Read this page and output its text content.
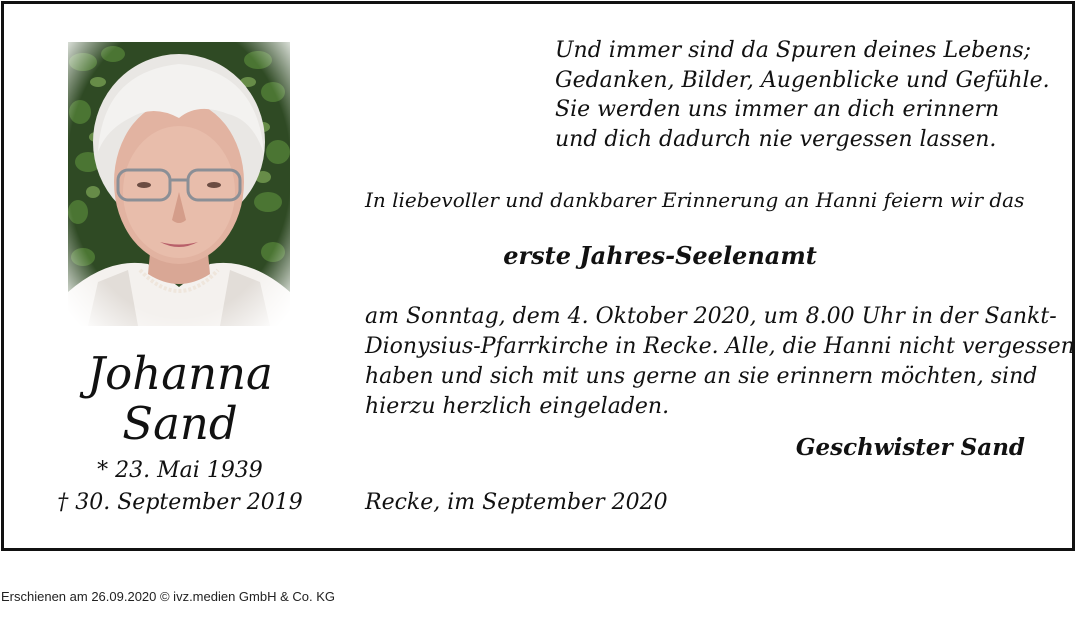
Johanna
Sand
* 23. Mai 1939
† 30. September 2019
Und immer sind da Spuren deines Lebens;
Gedanken, Bilder, Augenblicke und Gefühle.
Sie werden uns immer an dich erinnern
und dich dadurch nie vergessen lassen.
In liebevoller und dankbarer Erinnerung an Hanni feiern wir das
erste Jahres-Seelenamt
am Sonntag, dem 4. Oktober 2020, um 8.00 Uhr in der Sankt-
Dionysius-Pfarrkirche in Recke. Alle, die Hanni nicht vergessen
haben und sich mit uns gerne an sie erinnern möchten, sind
hierzu herzlich eingeladen.
Geschwister Sand
Recke, im September 2020
Erschienen am 26.09.2020 © ivz.medien GmbH & Co. KG
